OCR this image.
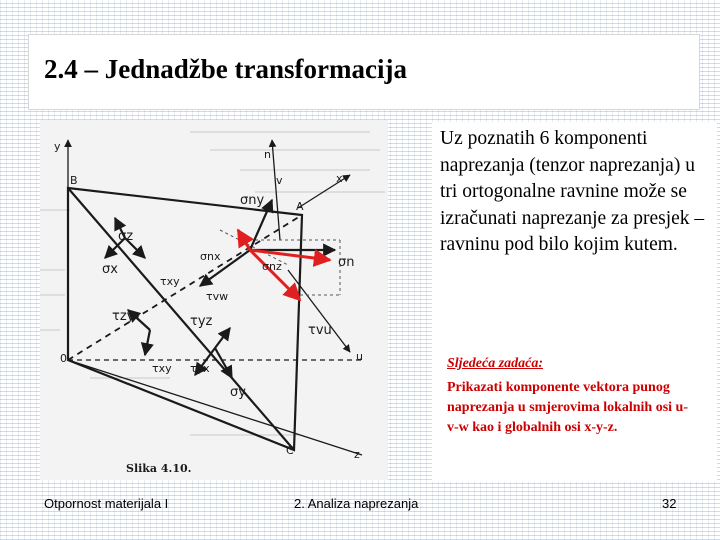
2.4 – Jednadžbe transformacija
y
x
z
u
v
n
B
A
C
0
σx
σz
τxy
τzy	τyz
τxy τyx
σy
σny
σnx
σnz	σn
τvw
τvu
Slika 4.10.
Uz poznatih 6 komponenti naprezanja (tenzor naprezanja) u tri ortogonalne ravnine može se izračunati naprezanje za presjek – ravninu pod bilo kojim kutem.
Sljedeća zadaća:
Prikazati komponente vektora punog naprezanja u smjerovima lokalnih osi u-v-w kao i globalnih osi x-y-z.
Otpornost materijala I	2. Analiza naprezanja	32
